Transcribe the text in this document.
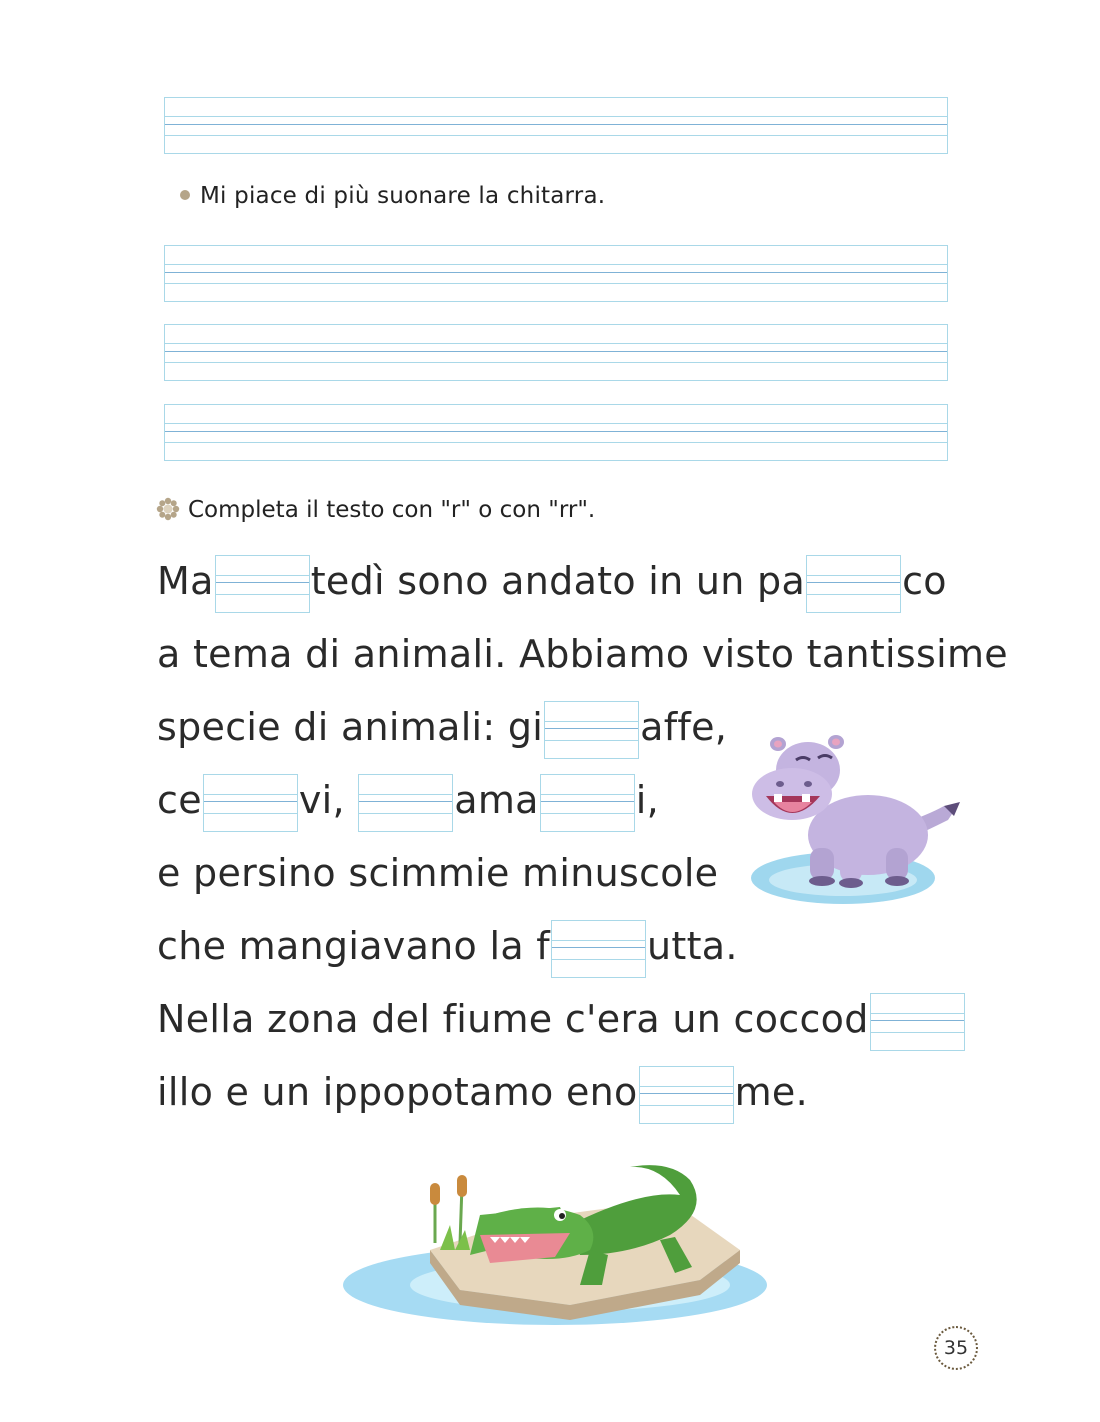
Mi piace di più suonare la chitarra.
Completa il testo con "r" o con "rr".
Ma	tedì sono andato in un pa	co
a tema di animali. Abbiamo visto tantissime
specie di animali: gi	affe,
ce	vi,	ama	i,
e persino scimmie minuscole
che mangiavano la f	utta.
Nella zona del fiume c'era un coccod
illo e un ippopotamo eno	me.
35
